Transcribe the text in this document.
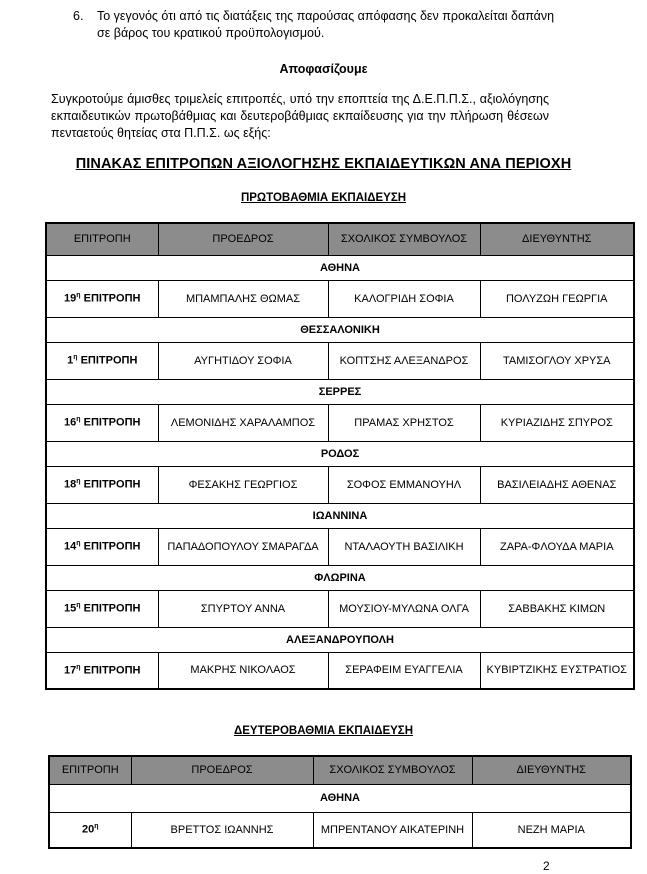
6. Το γεγονός ότι από τις διατάξεις της παρούσας απόφασης δεν προκαλείται δαπάνη σε βάρος του κρατικού προϋπολογισμού.
Αποφασίζουμε
Συγκροτούμε άμισθες τριμελείς επιτροπές, υπό την εποπτεία της Δ.Ε.Π.Π.Σ., αξιολόγησης εκπαιδευτικών πρωτοβάθμιας και δευτεροβάθμιας εκπαίδευσης για την πλήρωση θέσεων πενταετούς θητείας στα Π.Π.Σ. ως εξής:
ΠΙΝΑΚΑΣ ΕΠΙΤΡΟΠΩΝ ΑΞΙΟΛΟΓΗΣΗΣ ΕΚΠΑΙΔΕΥΤΙΚΩΝ ΑΝΑ ΠΕΡΙΟΧΗ
ΠΡΩΤΟΒΑΘΜΙΑ ΕΚΠΑΙΔΕΥΣΗ
ΕΠΙΤΡΟΠΗ	ΠΡΟΕΔΡΟΣ	ΣΧΟΛΙΚΟΣ ΣΥΜΒΟΥΛΟΣ	ΔΙΕΥΘΥΝΤΗΣ
ΑΘΗΝΑ			
$19^\eta$ ΕΠΙΤΡΟΠΗ	ΜΠΑΜΠΑΛΗΣ ΘΩΜΑΣ	ΚΑΛΟΓΡΙΔΗ ΣΟΦΙΑ	ΠΟΛΥΖΩΗ ΓΕΩΡΓΙΑ
ΘΕΣΣΑΛΟΝΙΚΗ			
$1^\eta$ ΕΠΙΤΡΟΠΗ	ΑΥΓΗΤΙΔΟΥ ΣΟΦΙΑ	ΚΟΠΤΣΗΣ ΑΛΕΞΑΝΔΡΟΣ	ΤΑΜΙΣΟΓΛΟΥ ΧΡΥΣΑ
ΣΕΡΡΕΣ			
$16^\eta$ ΕΠΙΤΡΟΠΗ	ΛΕΜΟΝΙΔΗΣ ΧΑΡΑΛΑΜΠΟΣ	ΠΡΑΜΑΣ ΧΡΗΣΤΟΣ	ΚΥΡΙΑΖΙΔΗΣ ΣΠΥΡΟΣ
ΡΟΔΟΣ			
$18^\eta$ ΕΠΙΤΡΟΠΗ	ΦΕΣΑΚΗΣ ΓΕΩΡΓΙΟΣ	ΣΟΦΟΣ ΕΜΜΑΝΟΥΗΛ	ΒΑΣΙΛΕΙΑΔΗΣ ΑΘΕΝΑΣ
ΙΩΑΝΝΙΝΑ			
$14^\eta$ ΕΠΙΤΡΟΠΗ	ΠΑΠΑΔΟΠΟΥΛΟΥ ΣΜΑΡΑΓΔΑ	ΝΤΑΛΑΟΥΤΗ ΒΑΣΙΛΙΚΗ	ΖΑΡΑ-ΦΛΟΥΔΑ ΜΑΡΙΑ
ΦΛΩΡΙΝΑ			
$15^\eta$ ΕΠΙΤΡΟΠΗ	ΣΠΥΡΤΟΥ ΑΝΝΑ	ΜΟΥΣΙΟΥ-ΜΥΛΩΝΑ ΟΛΓΑ	ΣΑΒΒΑΚΗΣ ΚΙΜΩΝ
ΑΛΕΞΑΝΔΡΟΥΠΟΛΗ			
$17^\eta$ ΕΠΙΤΡΟΠΗ	ΜΑΚΡΗΣ ΝΙΚΟΛΑΟΣ	ΣΕΡΑΦΕΙΜ ΕΥΑΓΓΕΛΙΑ	ΚΥΒΙΡΤΖΙΚΗΣ ΕΥΣΤΡΑΤΙΟΣ
ΔΕΥΤΕΡΟΒΑΘΜΙΑ ΕΚΠΑΙΔΕΥΣΗ
ΕΠΙΤΡΟΠΗ	ΠΡΟΕΔΡΟΣ	ΣΧΟΛΙΚΟΣ ΣΥΜΒΟΥΛΟΣ	ΔΙΕΥΘΥΝΤΗΣ
ΑΘΗΝΑ			
$20^\eta$	ΒΡΕΤΤΟΣ ΙΩΑΝΝΗΣ	ΜΠΡΕΝΤΑΝΟΥ ΑΙΚΑΤΕΡΙΝΗ	ΝΕΖΗ ΜΑΡΙΑ
2
